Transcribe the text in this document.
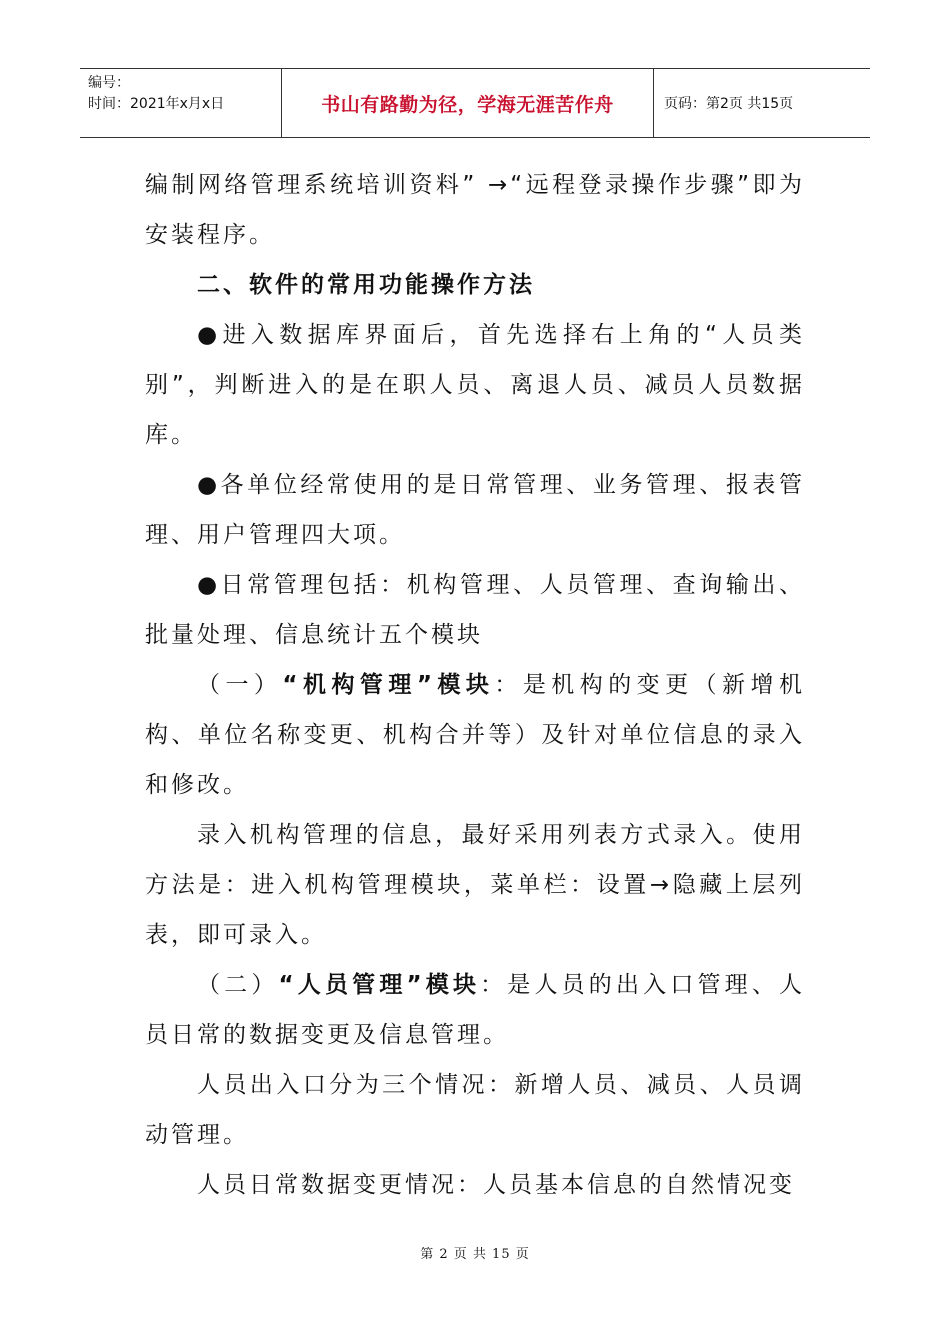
编号：
时间：2021年x月x日	书山有路勤为径，学海无涯苦作舟	页码：第2页 共15页

编制网络管理系统培训资料” →“远程登录操作步骤”即为安装程序。

二、软件的常用功能操作方法

●进入数据库界面后，首先选择右上角的“人员类别”，判断进入的是在职人员、离退人员、减员人员数据库。

●各单位经常使用的是日常管理、业务管理、报表管理、用户管理四大项。

●日常管理包括：机构管理、人员管理、查询输出、批量处理、信息统计五个模块

（一）“机构管理”模块：是机构的变更（新增机构、单位名称变更、机构合并等）及针对单位信息的录入和修改。

录入机构管理的信息，最好采用列表方式录入。使用方法是：进入机构管理模块，菜单栏：设置→隐藏上层列表，即可录入。

（二）“人员管理”模块：是人员的出入口管理、人员日常的数据变更及信息管理。

人员出入口分为三个情况：新增人员、减员、人员调动管理。

人员日常数据变更情况：人员基本信息的自然情况变

第 2 页 共 15 页
